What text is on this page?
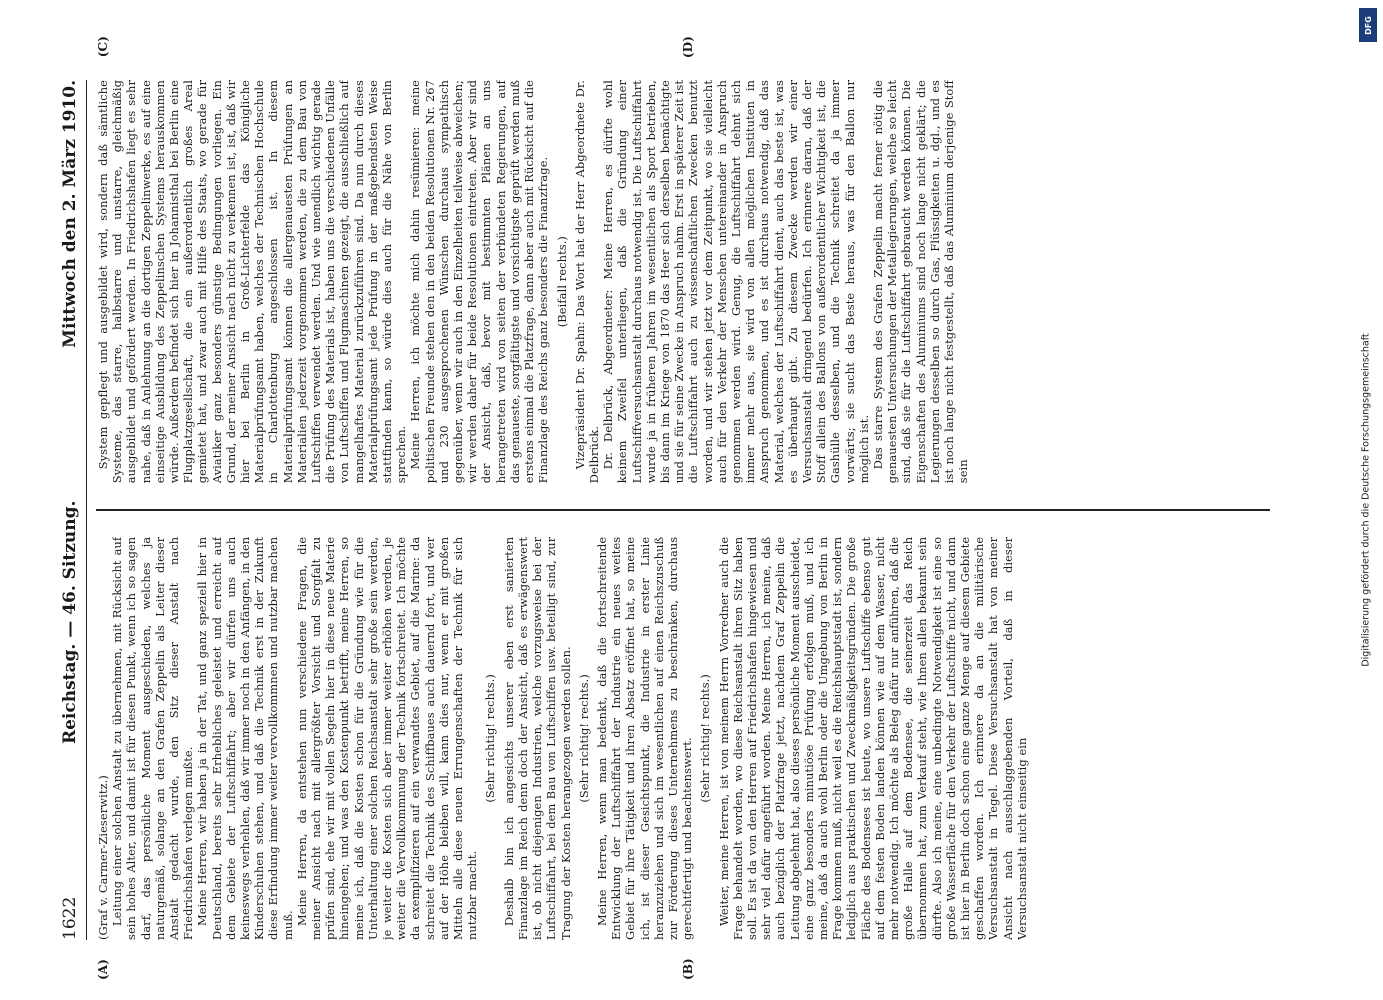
1622
Reichstag. — 46. Sitzung.
Mittwoch den 2. März 1910.
(A)	(B)

(Graf v. Carmer-Zieserwitz.) Leitung einer solchen Anstalt zu übernehmen, mit Rücksicht auf sein hohes Alter, und damit ist für diesen Punkt, wenn ich so sagen darf, das persönliche Moment ausgeschieden, welches ja naturgemäß, solange an den Grafen Zeppelin als Leiter dieser Anstalt gedacht wurde, den Sitz dieser Anstalt nach Friedrichshafen verlegen mußte. Meine Herren, wir haben ja in der Tat, und ganz speziell hier in Deutschland, bereits sehr Erhebliches geleistet und erreicht auf dem Gebiete der Luftschiffahrt; aber wir dürfen uns auch keineswegs verhehlen, daß wir immer noch in den Anfängen, in den Kinderschuhen stehen, und daß die Technik erst in der Zukunft diese Erfindung immer weiter vervollkommnen und nutzbar machen muß. Meine Herren, da entstehen nun verschiedene Fragen, die meiner Ansicht nach mit allergrößter Vorsicht und Sorgfalt zu prüfen sind, ehe wir mit vollen Segeln hier in diese neue Materie hineingehen; und was den Kostenpunkt betrifft, meine Herren, so meine ich, daß die Kosten schon für die Gründung wie für die Unterhaltung einer solchen Reichsanstalt sehr große sein werden, je weiter die Kosten sich aber immer weiter erhöhen werden, je weiter die Vervollkommnung der Technik fortschreitet. Ich möchte da exemplifizieren auf ein verwandtes Gebiet, auf die Marine: da schreitet die Technik des Schiffbaues auch dauernd fort, und wer auf der Höhe bleiben will, kann dies nur, wenn er mit großen Mitteln alle diese neuen Errungenschaften der Technik für sich nutzbar macht.

(Sehr richtig! rechts.) Deshalb bin ich angesichts unserer eben erst sanierten Finanzlage im Reich denn doch der Ansicht, daß es erwägenswert ist, ob nicht diejenigen Industrien, welche vorzugsweise bei der Luftschiffahrt, bei dem Bau von Luftschiffen usw. beteiligt sind, zur Tragung der Kosten herangezogen werden sollen. (Sehr richtig! rechts.) Meine Herren, wenn man bedenkt, daß die fortschreitende Entwicklung der Luftschiffahrt der Industrie ein neues weites Gebiet für ihre Tätigkeit und ihren Absatz eröffnet hat, so meine ich, ist dieser Gesichtspunkt, die Industrie in erster Linie heranzuziehen und sich im wesentlichen auf einen Reichszuschuß zur Förderung dieses Unternehmens zu beschränken, durchaus gerechtfertigt und beachtenswert. (Sehr richtig! rechts.) Weiter, meine Herren, ist von meinem Herrn Vorredner auch die Frage behandelt worden, wo diese Reichsanstalt ihren Sitz haben soll. Es ist da von den Herren auf Friedrichshafen hingewiesen und sehr viel dafür angeführt worden. Meine Herren, ich meine, daß auch bezüglich der Platzfrage jetzt, nachdem Graf Zeppelin die Leitung abgelehnt hat, also dieses persönliche Moment ausscheidet, eine ganz besonders minutiöse Prüfung erfolgen muß, und ich meine, daß da auch wohl Berlin oder die Umgebung von Berlin in Frage kommen muß, nicht weil es die Reichshauptstadt ist, sondern lediglich aus praktischen und Zweckmäßigkeitsgründen. Die große Fläche des Bodensees ist heute, wo unsere Luftschiffe ebenso gut auf dem festen Boden landen können wie auf dem Wasser, nicht mehr notwendig. Ich möchte als Beleg dafür nur anführen, daß die große Halle auf dem Bodensee, die seinerzeit das Reich übernommen hat, zum Verkauf steht, wie Ihnen allen bekannt sein dürfte. Also ich meine, eine unbedingte Notwendigkeit ist eine so große Wasserfläche für den Verkehr der Luftschiffe nicht, und dann ist hier in Berlin doch schon eine ganze Menge auf diesem Gebiete geschaffen worden. Ich erinnere da an die militärische Versuchsanstalt in Tegel. Diese Versuchsanstalt hat von meiner Ansicht nach ausschlaggebenden Vorteil, daß in dieser Versuchsanstalt nicht einseitig ein

(C)	(D)

System gepflegt und ausgebildet wird, sondern daß sämtliche Systeme, das starre, halbstarre und unstarre, gleichmäßig ausgebildet und gefördert werden. In Friedrichshafen liegt es sehr nahe, daß in Anlehnung an die dortigen Zeppelinwerke, es auf eine einseitige Ausbildung des Zeppelinschen Systems herauskommen würde. Außerdem befindet sich hier in Johannisthal bei Berlin eine Flugplatzgesellschaft, die ein außerordentlich großes Areal gemietet hat, und zwar auch mit Hilfe des Staats, wo gerade für Aviatiker ganz besonders günstige Bedingungen vorliegen. Ein Grund, der meiner Ansicht nach nicht zu verkennen ist, ist, daß wir hier bei Berlin in Groß-Lichterfelde das Königliche Materialprüfungsamt haben, welches der Technischen Hochschule in Charlottenburg angeschlossen ist. In diesem Materialprüfungsamt können die allergenauesten Prüfungen an Materialien jederzeit vorgenommen werden, die zu dem Bau von Luftschiffen verwendet werden. Und wie unendlich wichtig gerade die Prüfung des Materials ist, haben uns die verschiedenen Unfälle von Luftschiffen und Flugmaschinen gezeigt, die ausschließlich auf mangelhaftes Material zurückzuführen sind. Da nun durch dieses Materialprüfungsamt jede Prüfung in der maßgebendsten Weise stattfinden kann, so würde dies auch für die Nähe von Berlin sprechen. Meine Herren, ich möchte mich dahin resümieren: meine politischen Freunde stehen den in den beiden Resolutionen Nr. 267 und 230 ausgesprochenen Wünschen durchaus sympathisch gegenüber, wenn wir auch in den Einzelheiten teilweise abweichen; wir werden daher für beide Resolutionen eintreten. Aber wir sind der Ansicht, daß, bevor mit bestimmten Plänen an uns herangetreten wird von seiten der verbündeten Regierungen, auf das genaueste, sorgfältigste und vorsichtigste geprüft werden muß erstens einmal die Platzfrage, dann aber auch mit Rücksicht auf die Finanzlage des Reichs ganz besonders die Finanzfrage. (Beifall rechts.) Vizepräsident Dr. Spahn: Das Wort hat der Herr Abgeordnete Dr. Delbrück. Dr. Delbrück, Abgeordneter: Meine Herren, es dürfte wohl keinem Zweifel unterliegen, daß die Gründung einer Luftschiffversuchsanstalt durchaus notwendig ist. Die Luftschiffahrt wurde ja in früheren Jahren im wesentlichen als Sport betrieben, bis dann im Kriege von 1870 das Heer sich derselben bemächtigte und sie für seine Zwecke in Anspruch nahm. Erst in späterer Zeit ist die Luftschiffahrt auch zu wissenschaftlichen Zwecken benutzt worden, und wir stehen jetzt vor dem Zeitpunkt, wo sie vielleicht auch für den Verkehr der Menschen untereinander in Anspruch genommen werden wird. Genug, die Luftschiffahrt dehnt sich immer mehr aus, sie wird von allen möglichen Instituten in Anspruch genommen, und es ist durchaus notwendig, daß das Material, welches der Luftschiffahrt dient, auch das beste ist, was es überhaupt gibt. Zu diesem Zwecke werden wir einer Versuchsanstalt dringend bedürfen. Ich erinnere daran, daß der Stoff allein des Ballons von außerordentlicher Wichtigkeit ist, die Gashülle desselben, und die Technik schreitet da ja immer vorwärts; sie sucht das Beste heraus, was für den Ballon nur möglich ist. Das starre System des Grafen Zeppelin macht ferner nötig die genauesten Untersuchungen der Metallegierungen, welche so leicht sind, daß sie für die Luftschiffahrt gebraucht werden können. Die Eigenschaften des Aluminiums sind noch lange nicht geklärt; die Legierungen desselben so durch Gas, Flüssigkeiten u. dgl., und es ist noch lange nicht festgestellt, daß das Aluminium derjenige Stoff sein

DFG
Digitalisierung gefördert durch die Deutsche Forschungsgemeinschaft
